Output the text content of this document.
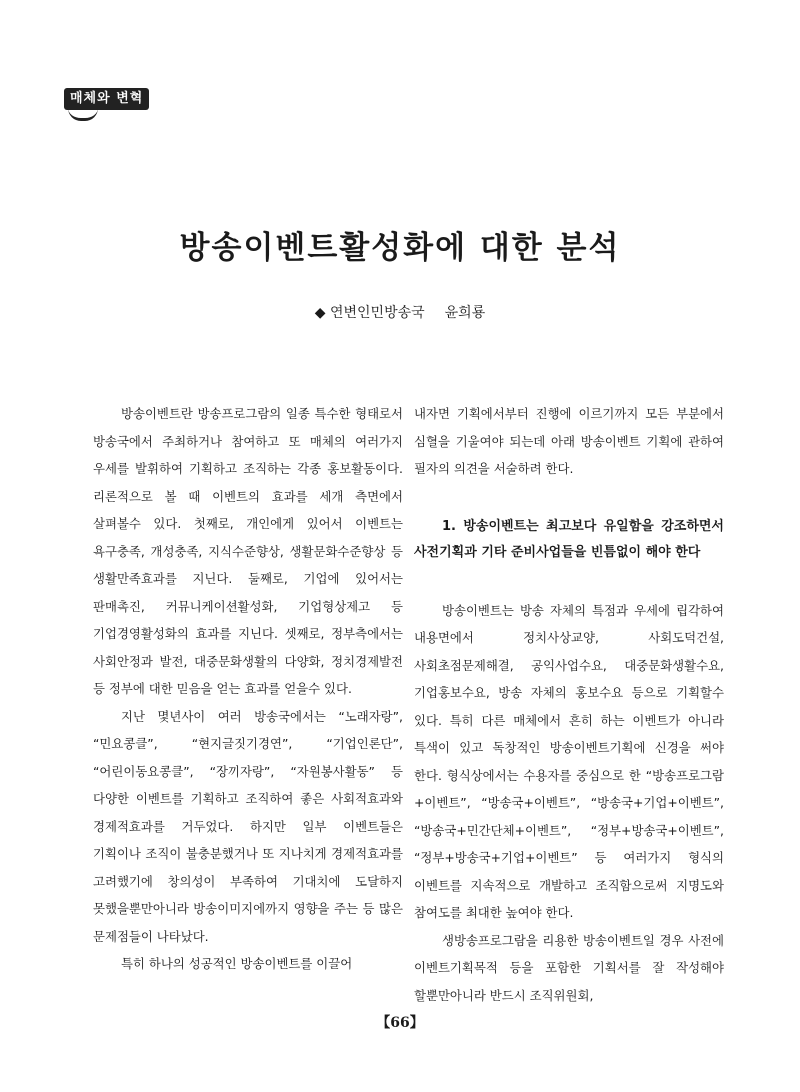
매체와 변혁
방송이벤트활성화에 대한 분석
◆ 연변인민방송국 윤희룡

방송이벤트란 방송프로그람의 일종 특수한 형태로서 방송국에서 주최하거나 참여하고 또 매체의 여러가지 우세를 발휘하여 기획하고 조직하는 각종 홍보활동이다. 리론적으로 볼 때 이벤트의 효과를 세개 측면에서 살펴볼수 있다. 첫째로, 개인에게 있어서 이벤트는 욕구충족, 개성충족, 지식수준향상, 생활문화수준향상 등 생활만족효과를 지닌다. 둘째로, 기업에 있어서는 판매촉진, 커뮤니케이션활성화, 기업형상제고 등 기업경영활성화의 효과를 지닌다. 셋째로, 정부측에서는 사회안정과 발전, 대중문화생활의 다양화, 정치경제발전 등 정부에 대한 믿음을 얻는 효과를 얻을수 있다.

지난 몇년사이 여러 방송국에서는 “노래자랑”, “민요콩클”, “현지글짓기경연”, “기업인론단”, “어린이동요콩클”, “장끼자랑”, “자원봉사활동” 등 다양한 이벤트를 기획하고 조직하여 좋은 사회적효과와 경제적효과를 거두었다. 하지만 일부 이벤트들은 기획이나 조직이 불충분했거나 또 지나치게 경제적효과를 고려했기에 창의성이 부족하여 기대치에 도달하지 못했을뿐만아니라 방송이미지에까지 영향을 주는 등 많은 문제점들이 나타났다.

특히 하나의 성공적인 방송이벤트를 이끌어

내자면 기획에서부터 진행에 이르기까지 모든 부분에서 심혈을 기울여야 되는데 아래 방송이벤트 기획에 관하여 필자의 의견을 서술하려 한다.

1. 방송이벤트는 최고보다 유일함을 강조하면서 사전기획과 기타 준비사업들을 빈틈없이 해야 한다

방송이벤트는 방송 자체의 특점과 우세에 립각하여 내용면에서 정치사상교양, 사회도덕건설, 사회초점문제해결, 공익사업수요, 대중문화생활수요, 기업홍보수요, 방송 자체의 홍보수요 등으로 기획할수 있다. 특히 다른 매체에서 흔히 하는 이벤트가 아니라 특색이 있고 독창적인 방송이벤트기획에 신경을 써야 한다. 형식상에서는 수용자를 중심으로 한 “방송프로그람+이벤트”, “방송국+이벤트”, “방송국+기업+이벤트”, “방송국+민간단체+이벤트”, “정부+방송국+이벤트”, “정부+방송국+기업+이벤트” 등 여러가지 형식의 이벤트를 지속적으로 개발하고 조직함으로써 지명도와 참여도를 최대한 높여야 한다.

생방송프로그람을 리용한 방송이벤트일 경우 사전에 이벤트기획목적 등을 포함한 기획서를 잘 작성해야 할뿐만아니라 반드시 조직위원회,

【66】
